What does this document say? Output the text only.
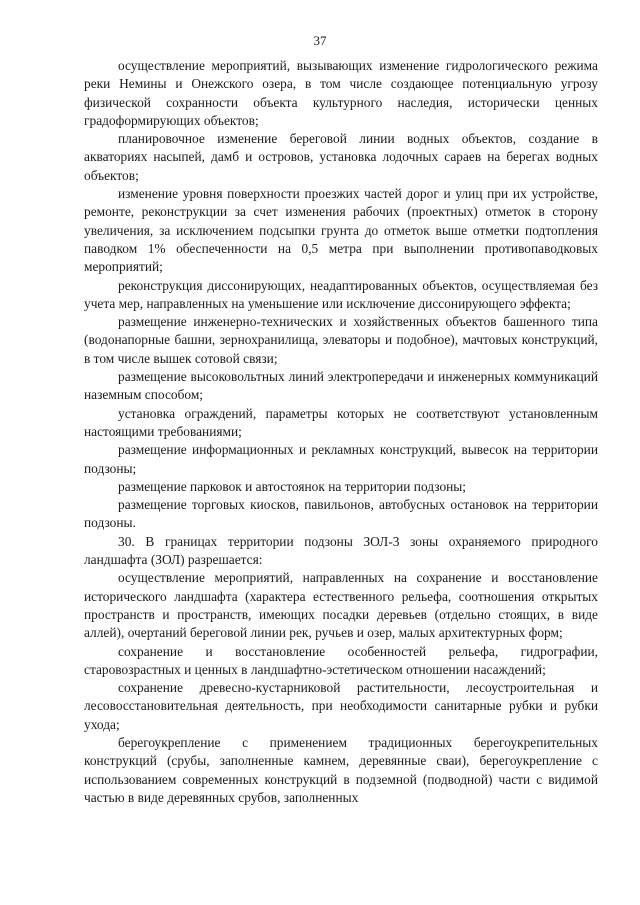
37

осуществление мероприятий, вызывающих изменение гидрологического режима реки Немины и Онежского озера, в том числе создающее потенциальную угрозу физической сохранности объекта культурного наследия, исторически ценных градоформирующих объектов;

планировочное изменение береговой линии водных объектов, создание в акваториях насыпей, дамб и островов, установка лодочных сараев на берегах водных объектов;

изменение уровня поверхности проезжих частей дорог и улиц при их устройстве, ремонте, реконструкции за счет изменения рабочих (проектных) отметок в сторону увеличения, за исключением подсыпки грунта до отметок выше отметки подтопления паводком 1% обеспеченности на 0,5 метра при выполнении противопаводковых мероприятий;

реконструкция диссонирующих, неадаптированных объектов, осуществляемая без учета мер, направленных на уменьшение или исключение диссонирующего эффекта;

размещение инженерно-технических и хозяйственных объектов башенного типа (водонапорные башни, зернохранилища, элеваторы и подобное), мачтовых конструкций, в том числе вышек сотовой связи;

размещение высоковольтных линий электропередачи и инженерных коммуникаций наземным способом;

установка ограждений, параметры которых не соответствуют установленным настоящими требованиями;

размещение информационных и рекламных конструкций, вывесок на территории подзоны;

размещение парковок и автостоянок на территории подзоны;

размещение торговых киосков, павильонов, автобусных остановок на территории подзоны.

30. В границах территории подзоны ЗОЛ-3 зоны охраняемого природного ландшафта (ЗОЛ) разрешается:

осуществление мероприятий, направленных на сохранение и восстановление исторического ландшафта (характера естественного рельефа, соотношения открытых пространств и пространств, имеющих посадки деревьев (отдельно стоящих, в виде аллей), очертаний береговой линии рек, ручьев и озер, малых архитектурных форм;

сохранение и восстановление особенностей рельефа, гидрографии, старовозрастных и ценных в ландшафтно-эстетическом отношении насаждений;

сохранение древесно-кустарниковой растительности, лесоустроительная и лесовосстановительная деятельность, при необходимости санитарные рубки и рубки ухода;

берегоукрепление с применением традиционных берегоукрепительных конструкций (срубы, заполненные камнем, деревянные сваи), берегоукрепление с использованием современных конструкций в подземной (подводной) части с видимой частью в виде деревянных срубов, заполненных
